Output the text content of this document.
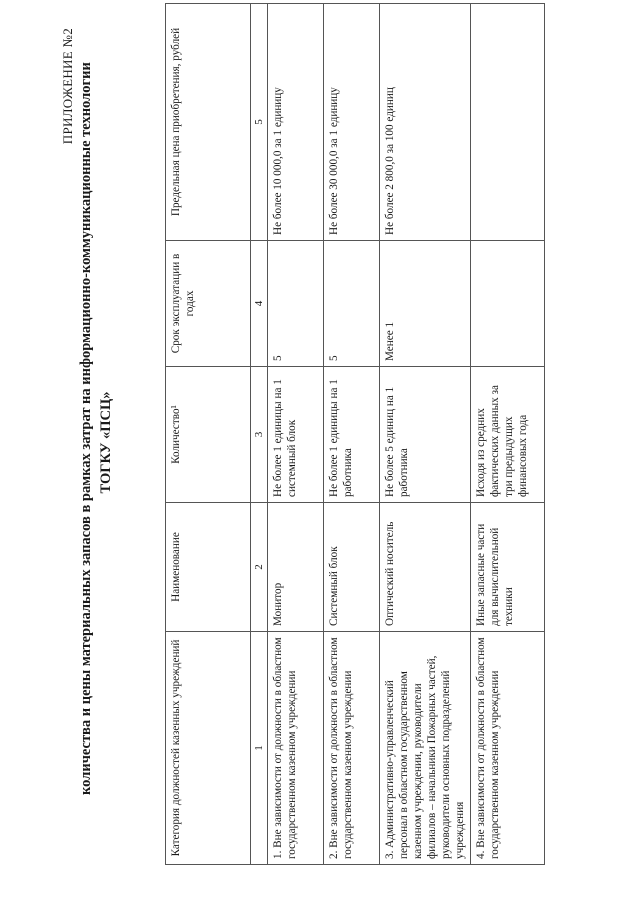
ПРИЛОЖЕНИЕ №2 количества и цены материальных запасов в рамках затрат на информационно-коммуникационные технологии ТОГКУ «ПСЦ»
Категория должностей казенных учреждений	Наименование	Количество¹	Срок эксплуатации в годах	Предельная цена приобретения, рублей
1	2	3	4	5
1. Вне зависимости от должности в областном государственном казенном учреждении	Монитор	Не более 1 единицы на 1 системный блок	5	Не более 10 000,0 за 1 единицу
2. Вне зависимости от должности в областном государственном казенном учреждении	Системный блок	Не более 1 единицы на 1 работника	5	Не более 30 000,0 за 1 единицу
3. Административно-управленческий персонал в областном государственном казенном учреждении, руководители филиалов – начальники Пожарных частей, руководители основных подразделений учреждения	Оптический носитель	Не более 5 единиц на 1 работника	Менее 1	Не более 2 800,0 за 100 единиц
4. Вне зависимости от должности в областном государственном казенном учреждении	Иные запасные части для вычислительной техники	Исходя из средних фактических данных за три предыдущих финансовых года		
